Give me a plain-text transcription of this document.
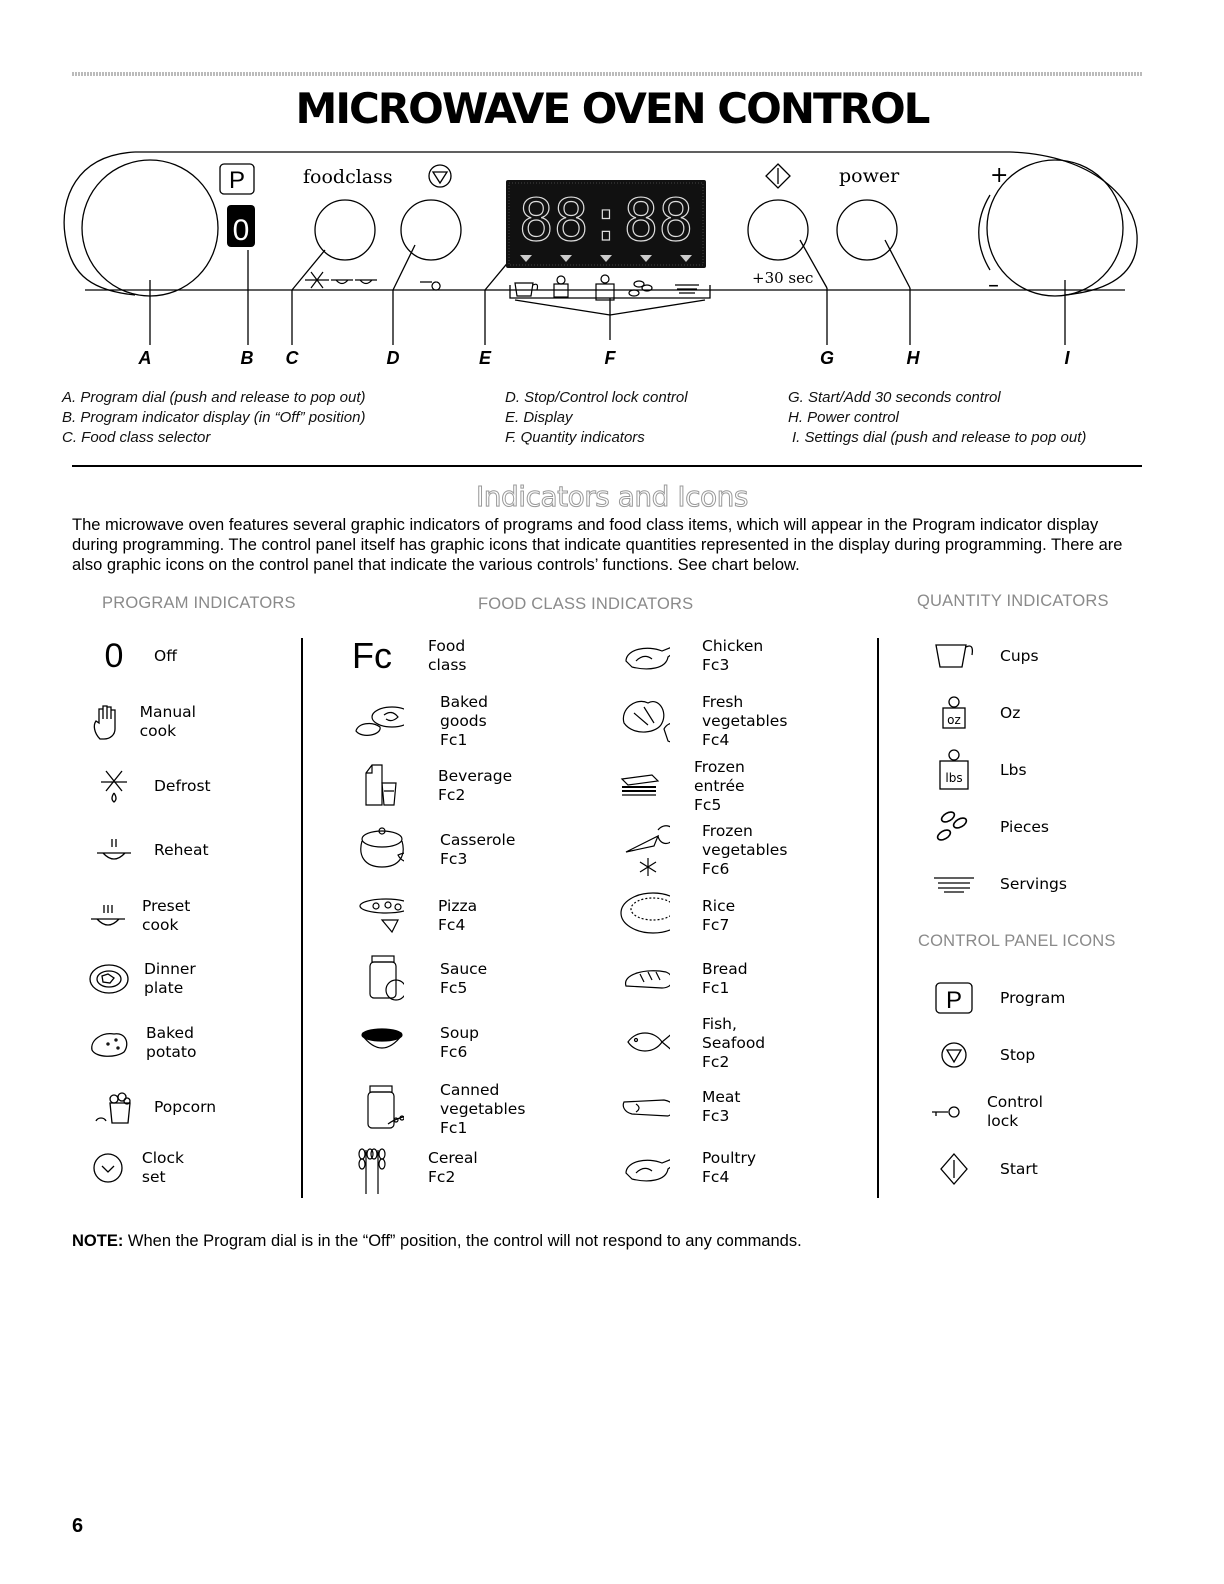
MICROWAVE OVEN CONTROL
P
0
foodclass	power
+30 sec
+
–
88:88
A	B C	D	E	F	G	H	I
A. Program dial (push and release to pop out)
B. Program indicator display (in “Off” position)
C. Food class selector
D. Stop/Control lock control
E. Display
F. Quantity indicators
G. Start/Add 30 seconds control
H. Power control
I. Settings dial (push and release to pop out)
Indicators and Icons
The microwave oven features several graphic indicators of programs and food class items, which will appear in the Program indicator display during programming. The control panel itself has graphic icons that indicate quantities represented in the display during programming. There are also graphic icons on the control panel that indicate the various controls’ functions. See chart below.
PROGRAM INDICATORS	FOOD CLASS INDICATORS	QUANTITY INDICATORS
CONTROL PANEL ICONS
0 Off
Manual cook
Defrost
Reheat
Preset cook
Dinner plate
Baked potato
Popcorn
Clock set
Fc Food class
Baked goods Fc1
Beverage Fc2
Casserole Fc3
Pizza Fc4
Sauce Fc5
Soup Fc6
Canned
vegetables Fc1
Cereal Fc2
Chicken Fc3
Fresh
vegetables Fc4
Frozen entrée Fc5
Frozen
vegetables Fc6
Rice Fc7
Bread Fc1
Fish, Seafood Fc2
Meat Fc3
Poultry Fc4
Cups
oz	Oz
lbs Lbs
Pieces
Servings
P Program
Stop
Control lock
Start
NOTE: When the Program dial is in the “Off” position, the control will not respond to any commands.
6
